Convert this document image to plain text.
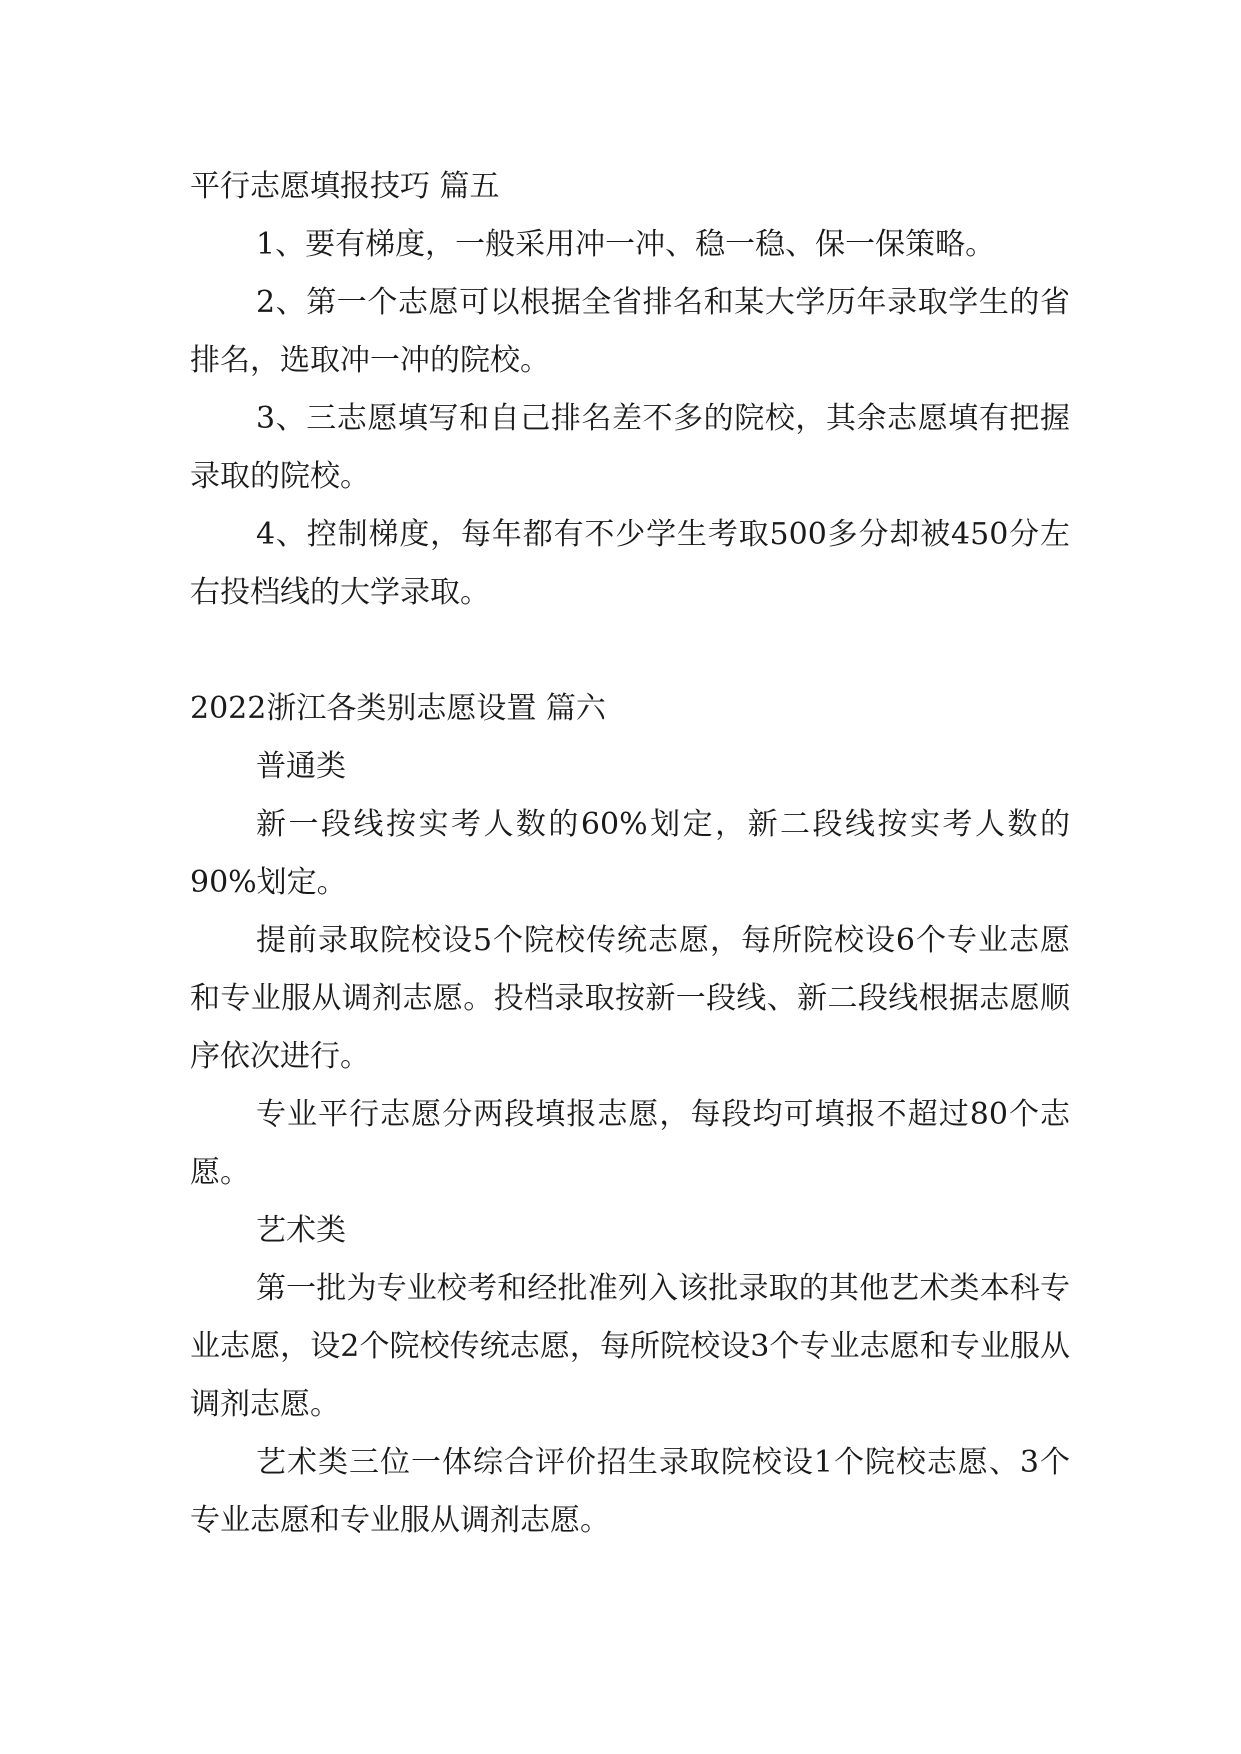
平行志愿填报技巧 篇五

1、要有梯度，一般采用冲一冲、稳一稳、保一保策略。

2、第一个志愿可以根据全省排名和某大学历年录取学生的省排名，选取冲一冲的院校。

3、三志愿填写和自己排名差不多的院校，其余志愿填有把握录取的院校。

4、控制梯度，每年都有不少学生考取500多分却被450分左右投档线的大学录取。

2022浙江各类别志愿设置 篇六

普通类

新一段线按实考人数的60%划定，新二段线按实考人数的90%划定。

提前录取院校设5个院校传统志愿，每所院校设6个专业志愿和专业服从调剂志愿。投档录取按新一段线、新二段线根据志愿顺序依次进行。

专业平行志愿分两段填报志愿，每段均可填报不超过80个志愿。

艺术类

第一批为专业校考和经批准列入该批录取的其他艺术类本科专业志愿，设2个院校传统志愿，每所院校设3个专业志愿和专业服从调剂志愿。

艺术类三位一体综合评价招生录取院校设1个院校志愿、3个专业志愿和专业服从调剂志愿。
